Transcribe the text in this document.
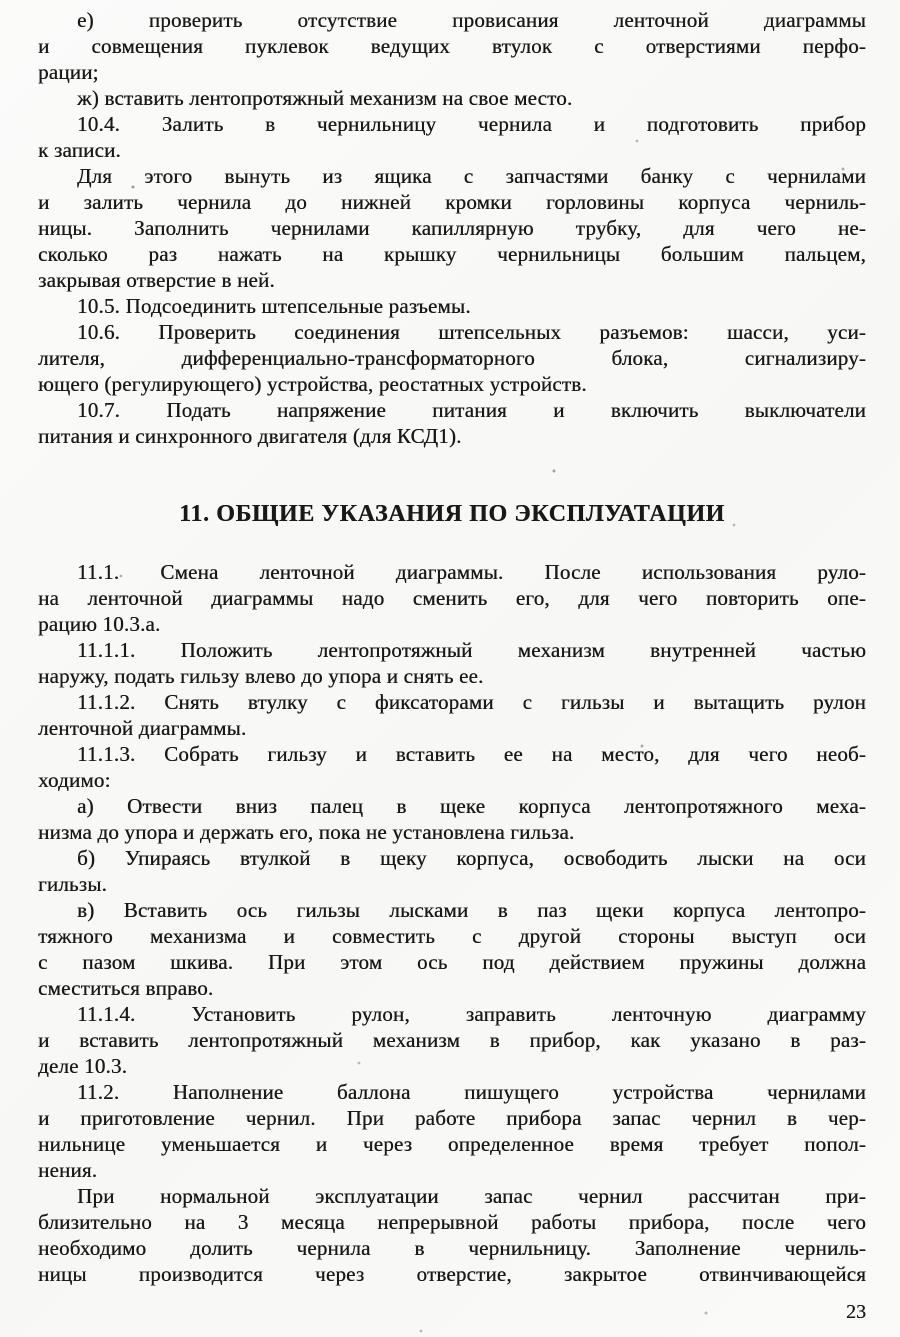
е) проверить отсутствие провисания ленточной диаграммы
и совмещения пуклевок ведущих втулок с отверстиями перфо-
рации;
ж) вставить лентопротяжный механизм на свое место.
10.4. Залить в чернильницу чернила и подготовить прибор
к записи.
Для этого вынуть из ящика с запчастями банку с чернилами
и залить чернила до нижней кромки горловины корпуса черниль-
ницы. Заполнить чернилами капиллярную трубку, для чего не-
сколько раз нажать на крышку чернильницы большим пальцем,
закрывая отверстие в ней.
10.5. Подсоединить штепсельные разъемы.
10.6. Проверить соединения штепсельных разъемов: шасси, уси-
лителя, дифференциально-трансформаторного блока, сигнализиру-
ющего (регулирующего) устройства, реостатных устройств.
10.7. Подать напряжение питания и включить выключатели
питания и синхронного двигателя (для КСД1).
11. ОБЩИЕ УКАЗАНИЯ ПО ЭКСПЛУАТАЦИИ
11.1. Смена ленточной диаграммы. После использования руло-
на ленточной диаграммы надо сменить его, для чего повторить опе-
рацию 10.3.а.
11.1.1. Положить лентопротяжный механизм внутренней частью
наружу, подать гильзу влево до упора и снять ее.
11.1.2. Снять втулку с фиксаторами с гильзы и вытащить рулон
ленточной диаграммы.
11.1.3. Собрать гильзу и вставить ее на место, для чего необ-
ходимо:
а) Отвести вниз палец в щеке корпуса лентопротяжного меха-
низма до упора и держать его, пока не установлена гильза.
б) Упираясь втулкой в щеку корпуса, освободить лыски на оси
гильзы.
в) Вставить ось гильзы лысками в паз щеки корпуса лентопро-
тяжного механизма и совместить с другой стороны выступ оси
с пазом шкива. При этом ось под действием пружины должна
сместиться вправо.
11.1.4. Установить рулон, заправить ленточную диаграмму
и вставить лентопротяжный механизм в прибор, как указано в раз-
деле 10.3.
11.2. Наполнение баллона пишущего устройства чернилами
и приготовление чернил. При работе прибора запас чернил в чер-
нильнице уменьшается и через определенное время требует попол-
нения.
При нормальной эксплуатации запас чернил рассчитан при-
близительно на 3 месяца непрерывной работы прибора, после чего
необходимо долить чернила в чернильницу. Заполнение черниль-
ницы производится через отверстие, закрытое отвинчивающейся
23
